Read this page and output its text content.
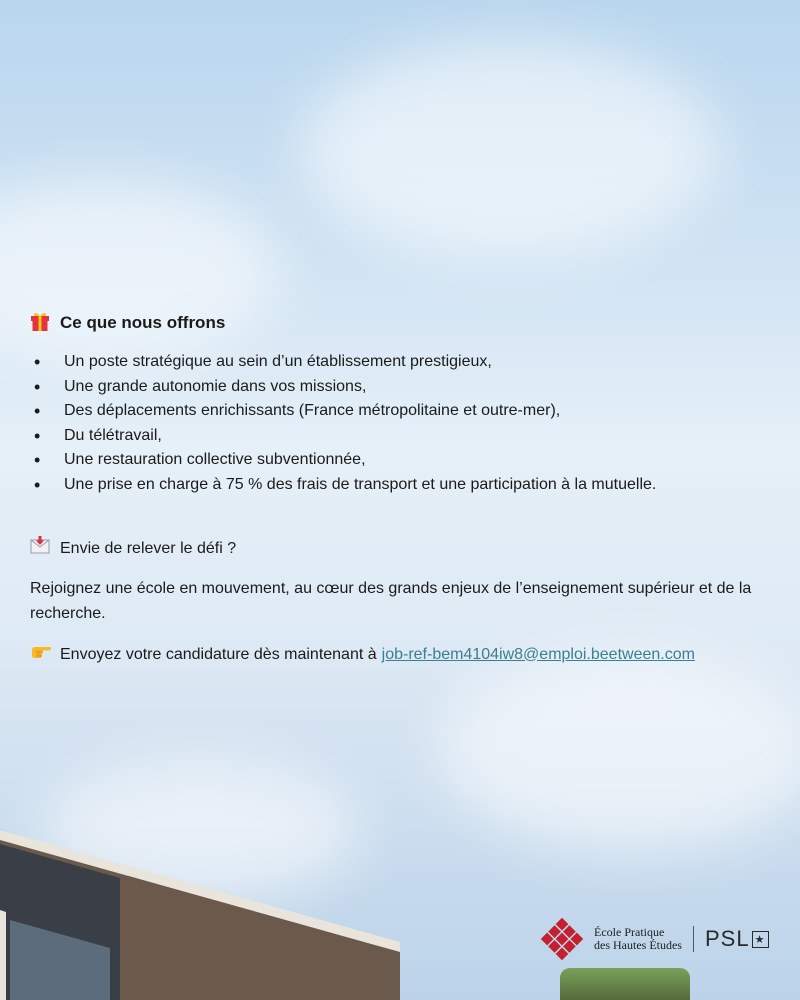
Ce que nous offrons
• Un poste stratégique au sein d’un établissement prestigieux,
• Une grande autonomie dans vos missions,
• Des déplacements enrichissants (France métropolitaine et outre-mer),
• Du télétravail,
• Une restauration collective subventionnée,
• Une prise en charge à 75 % des frais de transport et une participation à la mutuelle.
Envie de relever le défi ?

Rejoignez une école en mouvement, au cœur des grands enjeux de l’enseignement supérieur et de la recherche.

Envoyez votre candidature dès maintenant à job-ref-bem4104iw8@emploi.beetween.com
École Pratique
des Hautes Études PSL ★
